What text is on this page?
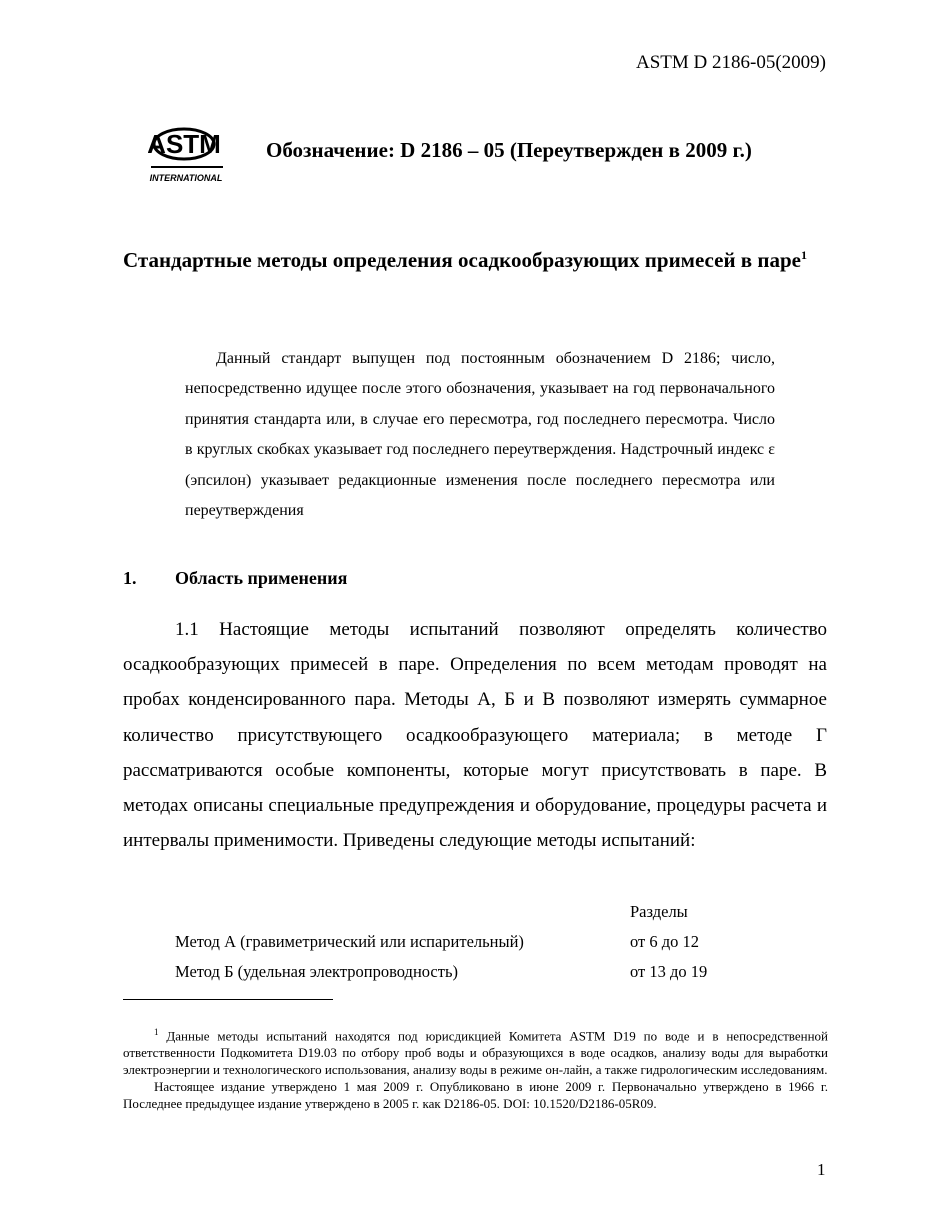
ASTM D 2186-05(2009)
ASTM
INTERNATIONAL
Обозначение: D 2186 – 05 (Переутвержден в 2009 г.)
Стандартные методы определения осадкообразующих примесей в паре$^1$

Данный стандарт выпущен под постоянным обозначением D 2186; число, непосредственно идущее после этого обозначения, указывает на год первоначального принятия стандарта или, в случае его пересмотра, год последнего пересмотра. Число в круглых скобках указывает год последнего переутверждения. Надстрочный индекс ε (эпсилон) указывает редакционные изменения после последнего пересмотра или переутверждения

1. Область применения

1.1 Настоящие методы испытаний позволяют определять количество осадкообразующих примесей в паре. Определения по всем методам проводят на пробах конденсированного пара. Методы А, Б и В позволяют измерять суммарное количество присутствующего осадкообразующего материала; в методе Г рассматриваются особые компоненты, которые могут присутствовать в паре. В методах описаны специальные предупреждения и оборудование, процедуры расчета и интервалы применимости. Приведены следующие методы испытаний:

Разделы
Метод А (гравиметрический или испарительный)	от 6 до 12
Метод Б (удельная электропроводность)	от 13 до 19

$^1$ Данные методы испытаний находятся под юрисдикцией Комитета ASTM D19 по воде и в непосредственной ответственности Подкомитета D19.03 по отбору проб воды и образующихся в воде осадков, анализу воды для выработки электроэнергии и технологического использования, анализу воды в режиме он-лайн, а также гидрологическим исследованиям.

Настоящее издание утверждено 1 мая 2009 г. Опубликовано в июне 2009 г. Первоначально утверждено в 1966 г. Последнее предыдущее издание утверждено в 2005 г. как D2186-05. DOI: 10.1520/D2186-05R09.

1
